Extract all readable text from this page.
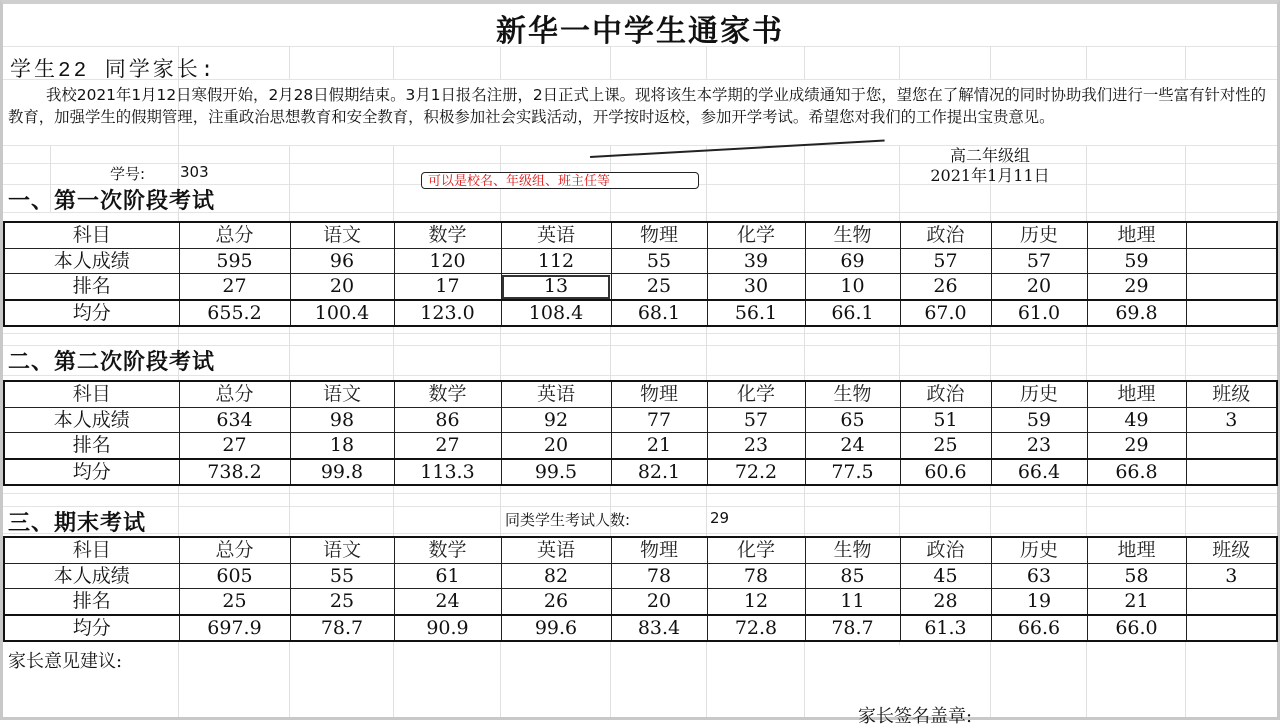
新华一中学生通家书
学生22 同学家长:
我校2021年1月12日寒假开始，2月28日假期结束。3月1日报名注册，2日正式上课。现将该生本学期的学业成绩通知于您，望您在了解情况的同时协助我们进行一些富有针对性的教育，加强学生的假期管理，注重政治思想教育和安全教育，积极参加社会实践活动，开学按时返校，参加开学考试。希望您对我们的工作提出宝贵意见。
学号: 303
高二年级组
2021年1月11日
可以是校名、年级组、班主任等
一、第一次阶段考试
科目	总分	语文	数学	英语	物理	化学	生物	政治	历史	地理	
本人成绩	595	96	120	112	55	39	69	57	57	59	
排名	27	20	17	13	25	30	10	26	20	29	
均分	655.2	100.4	123.0	108.4	68.1	56.1	66.1	67.0	61.0	69.8	
二、第二次阶段考试
科目	总分	语文	数学	英语	物理	化学	生物	政治	历史	地理	班级
本人成绩	634	98	86	92	77	57	65	51	59	49	3
排名	27	18	27	20	21	23	24	25	23	29	
均分	738.2	99.8	113.3	99.5	82.1	72.2	77.5	60.6	66.4	66.8	
三、期末考试	同类学生考试人数:	29
科目	总分	语文	数学	英语	物理	化学	生物	政治	历史	地理	班级
本人成绩	605	55	61	82	78	78	85	45	63	58	3
排名	25	25	24	26	20	12	11	28	19	21	
均分	697.9	78.7	90.9	99.6	83.4	72.8	78.7	61.3	66.6	66.0	
家长意见建议:
家长签名盖章:
